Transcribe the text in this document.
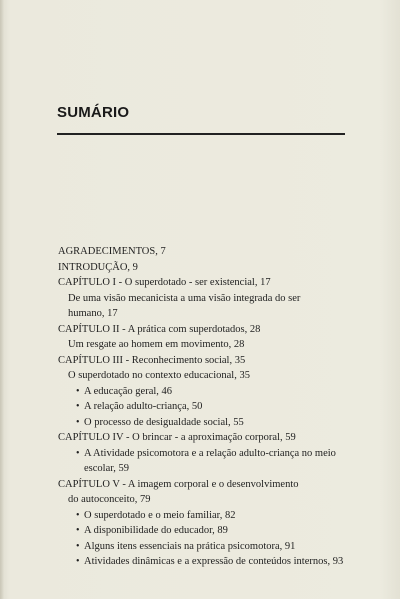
SUMÁRIO
AGRADECIMENTOS, 7
INTRODUÇÃO, 9
CAPÍTULO I - O superdotado - ser existencial, 17
De uma visão mecanicista a uma visão integrada do ser
humano, 17
CAPÍTULO II - A prática com superdotados, 28
Um resgate ao homem em movimento, 28
CAPÍTULO III - Reconhecimento social, 35
O superdotado no contexto educacional, 35
• A educação geral, 46
• A relação adulto-criança, 50
• O processo de desigualdade social, 55
CAPÍTULO IV - O brincar - a aproximação corporal, 59
• A Atividade psicomotora e a relação adulto-criança no meio
escolar, 59
CAPÍTULO V - A imagem corporal e o desenvolvimento
do autoconceito, 79
• O superdotado e o meio familiar, 82
• A disponibilidade do educador, 89
• Alguns itens essenciais na prática psicomotora, 91
• Atividades dinâmicas e a expressão de conteúdos internos, 93
